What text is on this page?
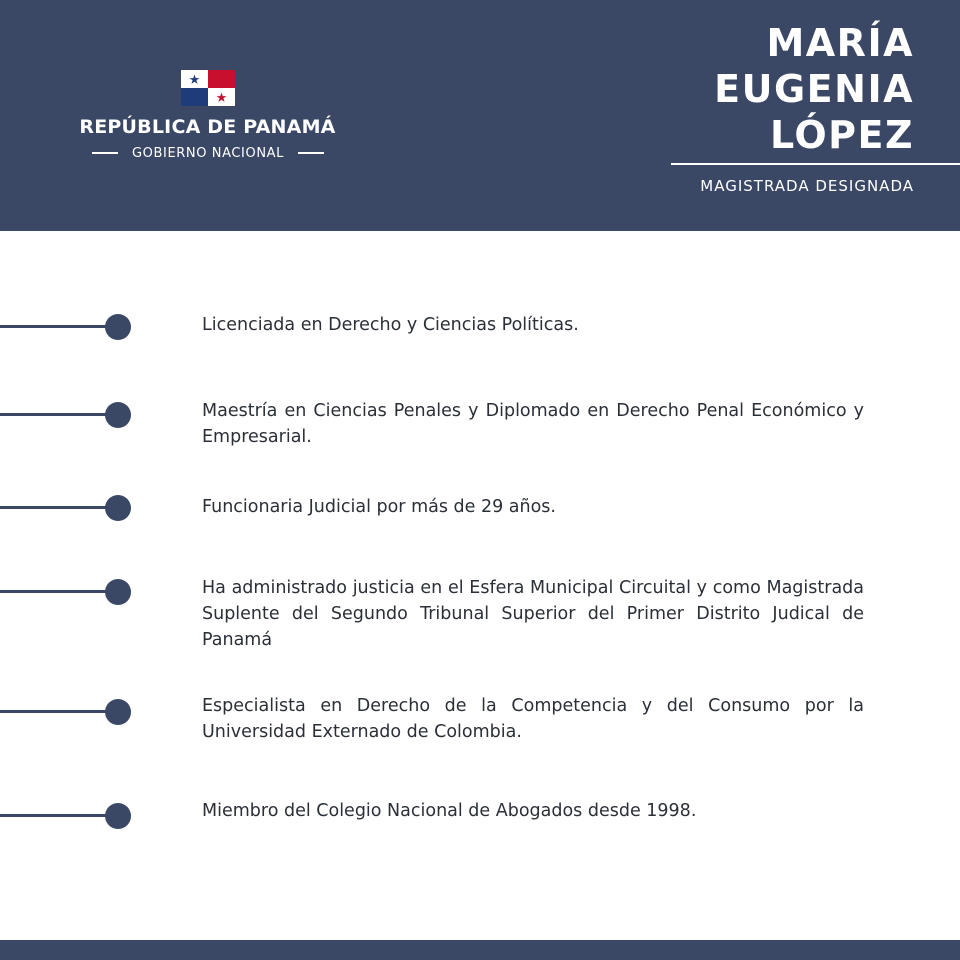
REPÚBLICA DE PANAMÁ
GOBIERNO NACIONAL
MARÍA
EUGENIA
LÓPEZ
MAGISTRADA DESIGNADA
Licenciada en Derecho y Ciencias Políticas.
Maestría en Ciencias Penales y Diplomado en Derecho Penal Económico y Empresarial.
Funcionaria Judicial por más de 29 años.
Ha administrado justicia en el Esfera Municipal Circuital y como Magistrada Suplente del Segundo Tribunal Superior del Primer Distrito Judical de Panamá
Especialista en Derecho de la Competencia y del Consumo por la Universidad Externado de Colombia.
Miembro del Colegio Nacional de Abogados desde 1998.
